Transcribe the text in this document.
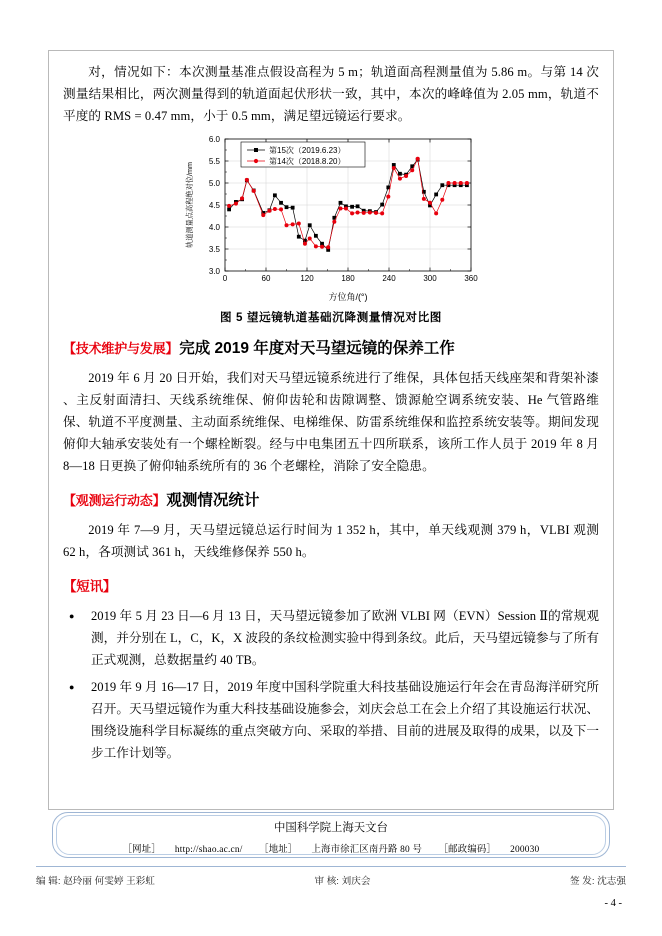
对，情况如下：本次测量基准点假设高程为 5 m；轨道面高程测量值为 5.86 m。与第 14 次测量结果相比，两次测量得到的轨道面起伏形状一致，其中，本次的峰峰值为 2.05 mm，轨道不平度的 RMS = 0.47 mm，小于 0.5 mm，满足望远镜运行要求。

3.0
3.5
4.0
4.5
5.0
5.5
6.0
0	60	120	180	240	300	360
方位角/(°)
轨道测量点高程绝对位/mm
第15次（2019.6.23）
第14次（2018.8.20）
图 5 望远镜轨道基础沉降测量情况对比图
【技术维护与发展】完成 2019 年度对天马望远镜的保养工作

2019 年 6 月 20 日开始，我们对天马望远镜系统进行了维保，具体包括天线座架和背架补漆 、主反射面清扫、天线系统维保、俯仰齿轮和齿隙调整、馈源舱空调系统安装、He 气管路维保、轨道不平度测量、主动面系统维保、电梯维保、防雷系统维保和监控系统安装等。期间发现俯仰大轴承安装处有一个螺栓断裂。经与中电集团五十四所联系，该所工作人员于 2019 年 8 月 8—18 日更换了俯仰轴系统所有的 36 个老螺栓，消除了安全隐患。

【观测运行动态】观测情况统计

2019 年 7—9 月，天马望远镜总运行时间为 1 352 h，其中，单天线观测 379 h，VLBI 观测 62 h，各项测试 361 h，天线维修保养 550 h。

【短讯】
● 2019 年 5 月 23 日—6 月 13 日，天马望远镜参加了欧洲 VLBI 网（EVN）Session Ⅱ的常规观测，并分别在 L，C，K，X 波段的条纹检测实验中得到条纹。此后，天马望远镜参与了所有正式观测，总数据量约 40 TB。
● 2019 年 9 月 16—17 日，2019 年度中国科学院重大科技基础设施运行年会在青岛海洋研究所召开。天马望远镜作为重大科技基础设施参会，刘庆会总工在会上介绍了其设施运行状况、围绕设施科学目标凝练的重点突破方向、采取的举措、目前的进展及取得的成果，以及下一步工作计划等。
中国科学院上海天文台
［网址］ http://shao.ac.cn/ ［地址］ 上海市徐汇区南丹路 80 号 ［邮政编码］ 200030
编 辑: 赵玲丽 何雯婷 王彩虹	审 核: 刘庆会	签 发: 沈志强
- 4 -
